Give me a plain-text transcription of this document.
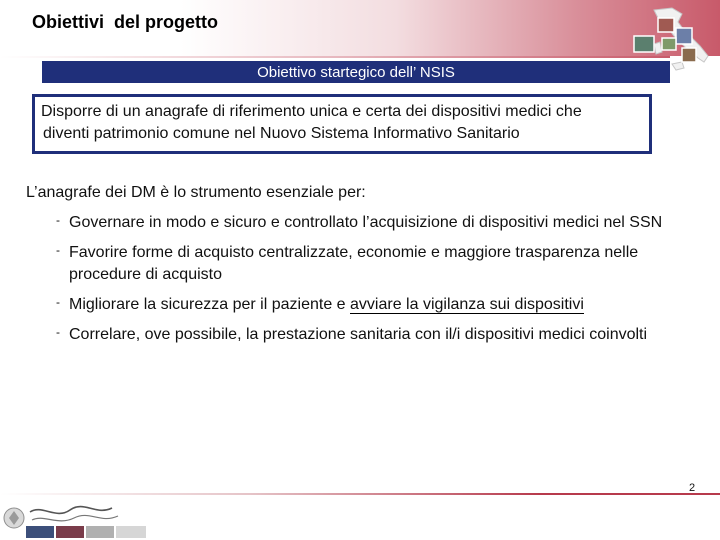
Obiettivi  del progetto
Obiettivo startegico dell’ NSIS
Disporre di un anagrafe di riferimento unica e certa dei dispositivi medici che
diventi patrimonio comune nel Nuovo Sistema Informativo Sanitario
L’anagrafe dei DM è lo strumento esenziale per:
- Governare in modo e sicuro e controllato l’acquisizione di dispositivi medici nel SSN
- Favorire forme di acquisto centralizzate, economie e maggiore trasparenza nelle procedure di acquisto
- Migliorare la sicurezza per il paziente e avviare la vigilanza sui dispositivi
- Correlare, ove possibile, la prestazione sanitaria con il/i dispositivi medici coinvolti
2
